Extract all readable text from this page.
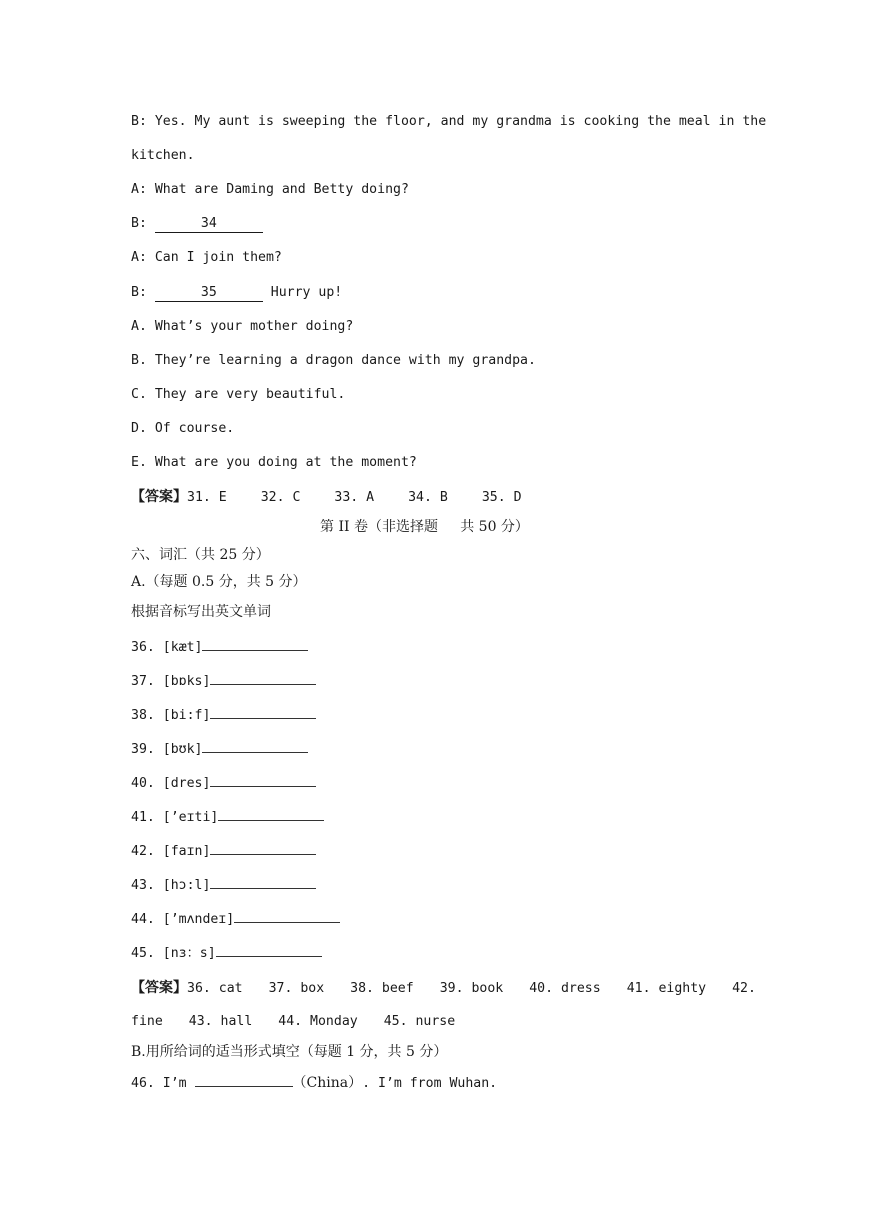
B: Yes. My aunt is sweeping the floor, and my grandma is cooking the meal in the
kitchen.
A: What are Daming and Betty doing?
B:	34
A: Can I join them?
B:	35	Hurry up!
A. What’s your mother doing?
B. They’re learning a dragon dance with my grandpa.
C. They are very beautiful.
D. Of course.
E. What are you doing at the moment?
【答案】31. E	32. C	33. A	34. B	35. D
第 II 卷（非选择题     共 50 分）
六、词汇（共 25 分）
A.（每题 0.5 分，共 5 分）
根据音标写出英文单词
36. [kæt]
37. [bɒks]
38. [bi:f]
39. [bʊk]
40. [dres]
41. [’eɪti]
42. [faɪn]
43. [hɔ:l]
44. [’mʌndeɪ]
45. [nɜ：s]
【答案】36. cat 37. box 38. beef 39. book 40. dress 41. eighty 42.
fine 43. hall 44. Monday 45. nurse
B.用所给词的适当形式填空（每题 1 分，共 5 分）
46. I’m	（China）. I’m from Wuhan.
